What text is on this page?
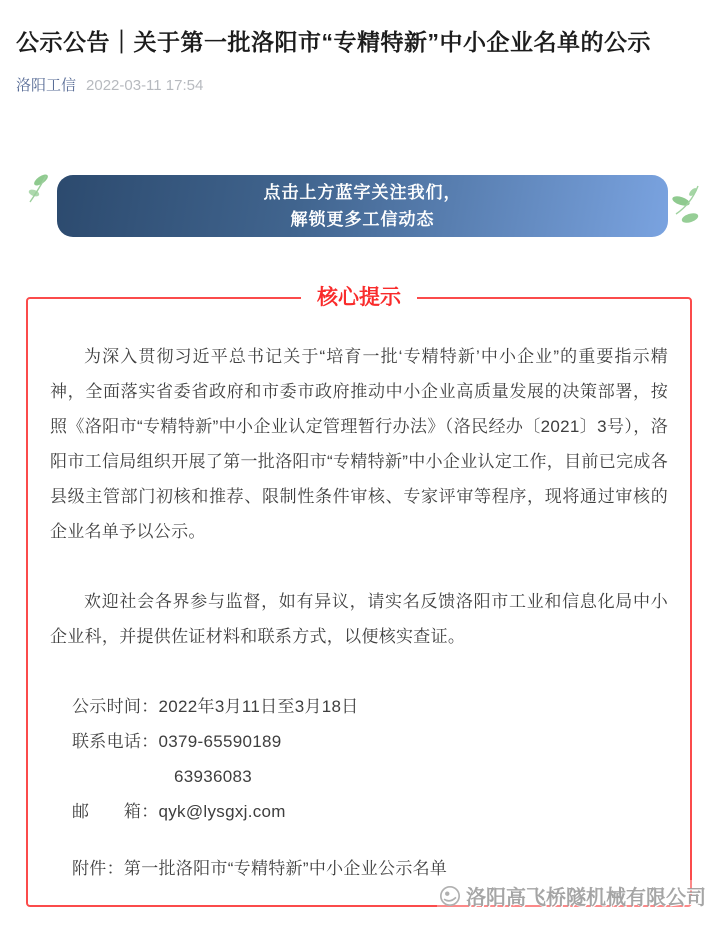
公示公告｜关于第一批洛阳市“专精特新”中小企业名单的公示
洛阳工信 2022-03-11 17:54
点击上方蓝字关注我们，
解锁更多工信动态
核心提示

为深入贯彻习近平总书记关于“培育一批‘专精特新’中小企业”的重要指示精神，全面落实省委省政府和市委市政府推动中小企业高质量发展的决策部署，按照《洛阳市“专精特新”中小企业认定管理暂行办法》（洛民经办〔2021〕3号），洛阳市工信局组织开展了第一批洛阳市“专精特新”中小企业认定工作，目前已完成各县级主管部门初核和推荐、限制性条件审核、专家评审等程序，现将通过审核的企业名单予以公示。

欢迎社会各界参与监督，如有异议，请实名反馈洛阳市工业和信息化局中小企业科，并提供佐证材料和联系方式，以便核实查证。

公示时间：2022年3月11日至3月18日
联系电话：0379-65590189
63936083
邮　　箱：qyk@lysgxj.com

附件：第一批洛阳市“专精特新”中小企业公示名单

洛阳高飞桥隧机械有限公司
